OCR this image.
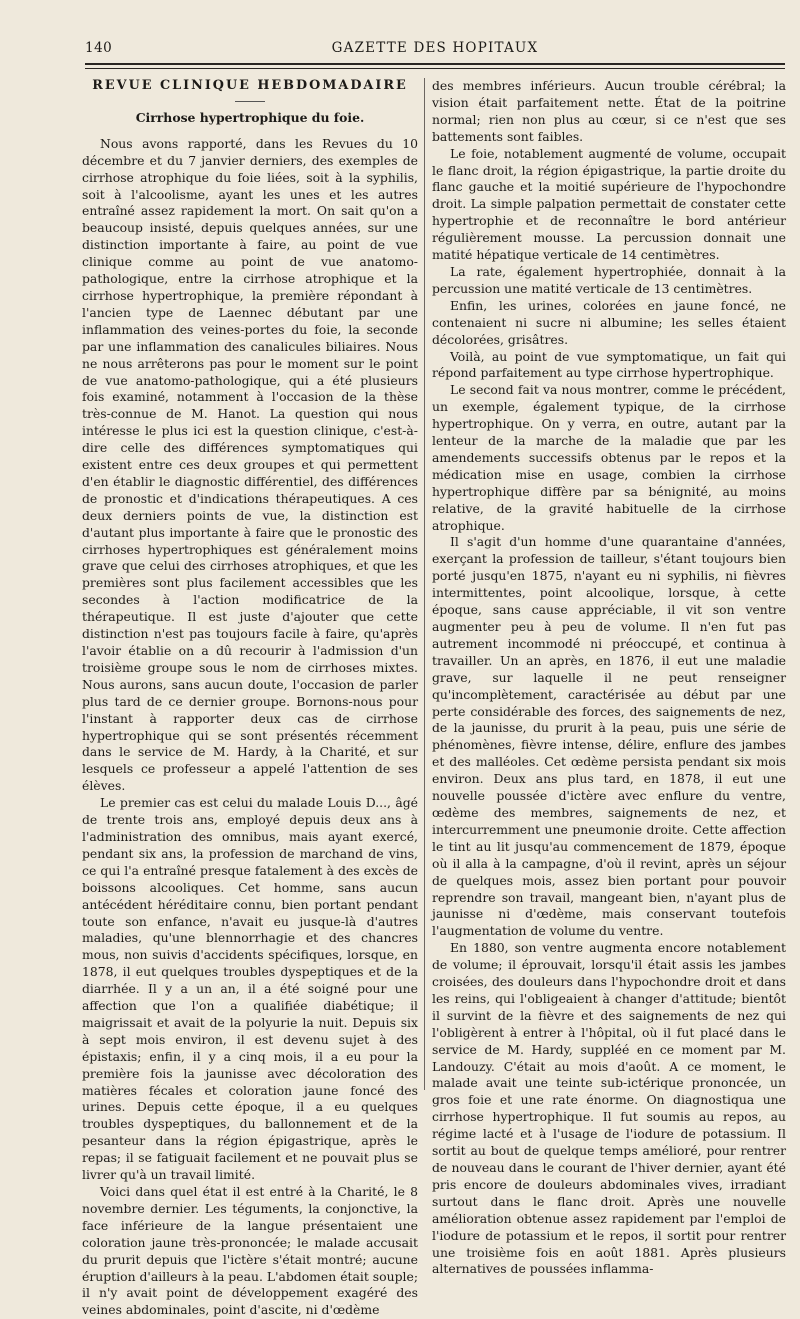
140	GAZETTE DES HOPITAUX
REVUE CLINIQUE HEBDOMADAIRE
Cirrhose hypertrophique du foie.

Nous avons rapporté, dans les Revues du 10 décembre et du 7 janvier derniers, des exemples de cirrhose atrophique du foie liées, soit à la syphilis, soit à l'alcoolisme, ayant les unes et les autres entraîné assez rapidement la mort. On sait qu'on a beaucoup insisté, depuis quelques années, sur une distinction importante à faire, au point de vue clinique comme au point de vue anatomo-pathologique, entre la cirrhose atrophique et la cirrhose hypertrophique, la première répondant à l'ancien type de Laennec débutant par une inflammation des veines-portes du foie, la seconde par une inflammation des canalicules biliaires. Nous ne nous arrêterons pas pour le moment sur le point de vue anatomo-pathologique, qui a été plusieurs fois examiné, notamment à l'occasion de la thèse très-connue de M. Hanot. La question qui nous intéresse le plus ici est la question clinique, c'est-à-dire celle des différences symptomatiques qui existent entre ces deux groupes et qui permettent d'en établir le diagnostic différentiel, des différences de pronostic et d'indications thérapeutiques. A ces deux derniers points de vue, la distinction est d'autant plus importante à faire que le pronostic des cirrhoses hypertrophiques est généralement moins grave que celui des cirrhoses atrophiques, et que les premières sont plus facilement accessibles que les secondes à l'action modificatrice de la thérapeutique. Il est juste d'ajouter que cette distinction n'est pas toujours facile à faire, qu'après l'avoir établie on a dû recourir à l'admission d'un troisième groupe sous le nom de cirrhoses mixtes. Nous aurons, sans aucun doute, l'occasion de parler plus tard de ce dernier groupe. Bornons-nous pour l'instant à rapporter deux cas de cirrhose hypertrophique qui se sont présentés récemment dans le service de M. Hardy, à la Charité, et sur lesquels ce professeur a appelé l'attention de ses élèves.

Le premier cas est celui du malade Louis D..., âgé de trente trois ans, employé depuis deux ans à l'administration des omnibus, mais ayant exercé, pendant six ans, la profession de marchand de vins, ce qui l'a entraîné presque fatalement à des excès de boissons alcooliques. Cet homme, sans aucun antécédent héréditaire connu, bien portant pendant toute son enfance, n'avait eu jusque-là d'autres maladies, qu'une blennorrhagie et des chancres mous, non suivis d'accidents spécifiques, lorsque, en 1878, il eut quelques troubles dyspeptiques et de la diarrhée. Il y a un an, il a été soigné pour une affection que l'on a qualifiée diabétique; il maigrissait et avait de la polyurie la nuit. Depuis six à sept mois environ, il est devenu sujet à des épistaxis; enfin, il y a cinq mois, il a eu pour la première fois la jaunisse avec décoloration des matières fécales et coloration jaune foncé des urines. Depuis cette époque, il a eu quelques troubles dyspeptiques, du ballonnement et de la pesanteur dans la région épigastrique, après le repas; il se fatiguait facilement et ne pouvait plus se livrer qu'à un travail limité.

Voici dans quel état il est entré à la Charité, le 8 novembre dernier. Les téguments, la conjonctive, la face inférieure de la langue présentaient une coloration jaune très-prononcée; le malade accusait du prurit depuis que l'ictère s'était montré; aucune éruption d'ailleurs à la peau. L'abdomen était souple; il n'y avait point de développement exagéré des veines abdominales, point d'ascite, ni d'œdème

des membres inférieurs. Aucun trouble cérébral; la vision était parfaitement nette. État de la poitrine normal; rien non plus au cœur, si ce n'est que ses battements sont faibles.

Le foie, notablement augmenté de volume, occupait le flanc droit, la région épigastrique, la partie droite du flanc gauche et la moitié supérieure de l'hypochondre droit. La simple palpation permettait de constater cette hypertrophie et de reconnaître le bord antérieur régulièrement mousse. La percussion donnait une matité hépatique verticale de 14 centimètres.

La rate, également hypertrophiée, donnait à la percussion une matité verticale de 13 centimètres.

Enfin, les urines, colorées en jaune foncé, ne contenaient ni sucre ni albumine; les selles étaient décolorées, grisâtres.

Voilà, au point de vue symptomatique, un fait qui répond parfaitement au type cirrhose hypertrophique.

Le second fait va nous montrer, comme le précédent, un exemple, également typique, de la cirrhose hypertrophique. On y verra, en outre, autant par la lenteur de la marche de la maladie que par les amendements successifs obtenus par le repos et la médication mise en usage, combien la cirrhose hypertrophique diffère par sa bénignité, au moins relative, de la gravité habituelle de la cirrhose atrophique.

Il s'agit d'un homme d'une quarantaine d'années, exerçant la profession de tailleur, s'étant toujours bien porté jusqu'en 1875, n'ayant eu ni syphilis, ni fièvres intermittentes, point alcoolique, lorsque, à cette époque, sans cause appréciable, il vit son ventre augmenter peu à peu de volume. Il n'en fut pas autrement incommodé ni préoccupé, et continua à travailler. Un an après, en 1876, il eut une maladie grave, sur laquelle il ne peut renseigner qu'incomplètement, caractérisée au début par une perte considérable des forces, des saignements de nez, de la jaunisse, du prurit à la peau, puis une série de phénomènes, fièvre intense, délire, enflure des jambes et des malléoles. Cet œdème persista pendant six mois environ. Deux ans plus tard, en 1878, il eut une nouvelle poussée d'ictère avec enflure du ventre, œdème des membres, saignements de nez, et intercurremment une pneumonie droite. Cette affection le tint au lit jusqu'au commencement de 1879, époque où il alla à la campagne, d'où il revint, après un séjour de quelques mois, assez bien portant pour pouvoir reprendre son travail, mangeant bien, n'ayant plus de jaunisse ni d'œdème, mais conservant toutefois l'augmentation de volume du ventre.

En 1880, son ventre augmenta encore notablement de volume; il éprouvait, lorsqu'il était assis les jambes croisées, des douleurs dans l'hypochondre droit et dans les reins, qui l'obligeaient à changer d'attitude; bientôt il survint de la fièvre et des saignements de nez qui l'obligèrent à entrer à l'hôpital, où il fut placé dans le service de M. Hardy, suppléé en ce moment par M. Landouzy. C'était au mois d'août. A ce moment, le malade avait une teinte sub-ictérique prononcée, un gros foie et une rate énorme. On diagnostiqua une cirrhose hypertrophique. Il fut soumis au repos, au régime lacté et à l'usage de l'iodure de potassium. Il sortit au bout de quelque temps amélioré, pour rentrer de nouveau dans le courant de l'hiver dernier, ayant été pris encore de douleurs abdominales vives, irradiant surtout dans le flanc droit. Après une nouvelle amélioration obtenue assez rapidement par l'emploi de l'iodure de potassium et le repos, il sortit pour rentrer une troisième fois en août 1881. Après plusieurs alternatives de poussées inflamma-
